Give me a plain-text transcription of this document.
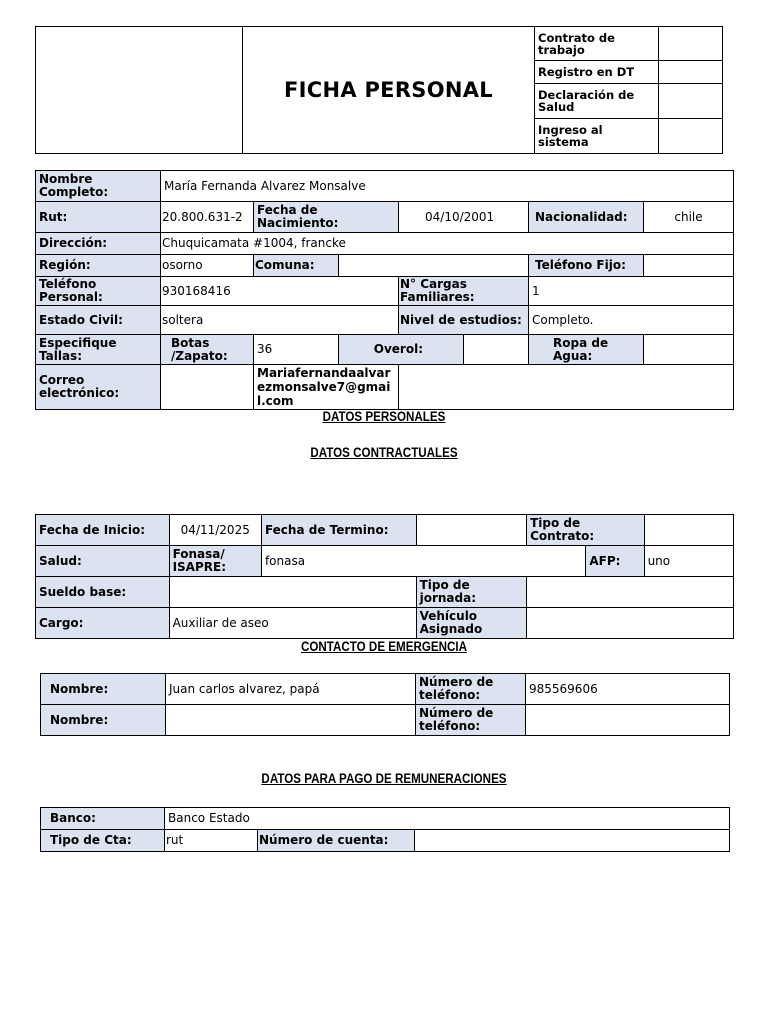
	FICHA PERSONAL	Contrato de trabajo	
		Registro en DT	
		Declaración de Salud	
		Ingreso al sistema	
Nombre Completo:	María Fernanda Alvarez Monsalve						
Rut:	20.800.631-2	Fecha de Nacimiento:		04/10/2001		Nacionalidad:	chile
Dirección:	Chuquicamata #1004, francke						
Región:	osorno	Comuna:				Teléfono Fijo:	
Teléfono Personal:	930168416			N° Cargas Familiares:		1	
Estado Civil:	soltera			Nivel de estudios:		Completo.	
Especifique Tallas:	Botas /Zapato:	36	Overol:			Ropa de Agua:	
Correo electrónico:		Mariafernandaalvarezmonsalve7@gmail.com					
DATOS PERSONALES
DATOS CONTRACTUALES
Fecha de Inicio:	04/11/2025	Fecha de Termino:		Tipo de Contrato:		
Salud:	Fonasa/ ISAPRE:	fonasa			AFP:	uno
Sueldo base:			Tipo de jornada:			
Cargo:	Auxiliar de aseo		Vehículo Asignado			
CONTACTO DE EMERGENCIA
Nombre:	Juan carlos alvarez, papá	Número de teléfono:	985569606
Nombre:		Número de teléfono:	
DATOS PARA PAGO DE REMUNERACIONES
Banco:	Banco Estado		
Tipo de Cta:	rut	Número de cuenta:	
